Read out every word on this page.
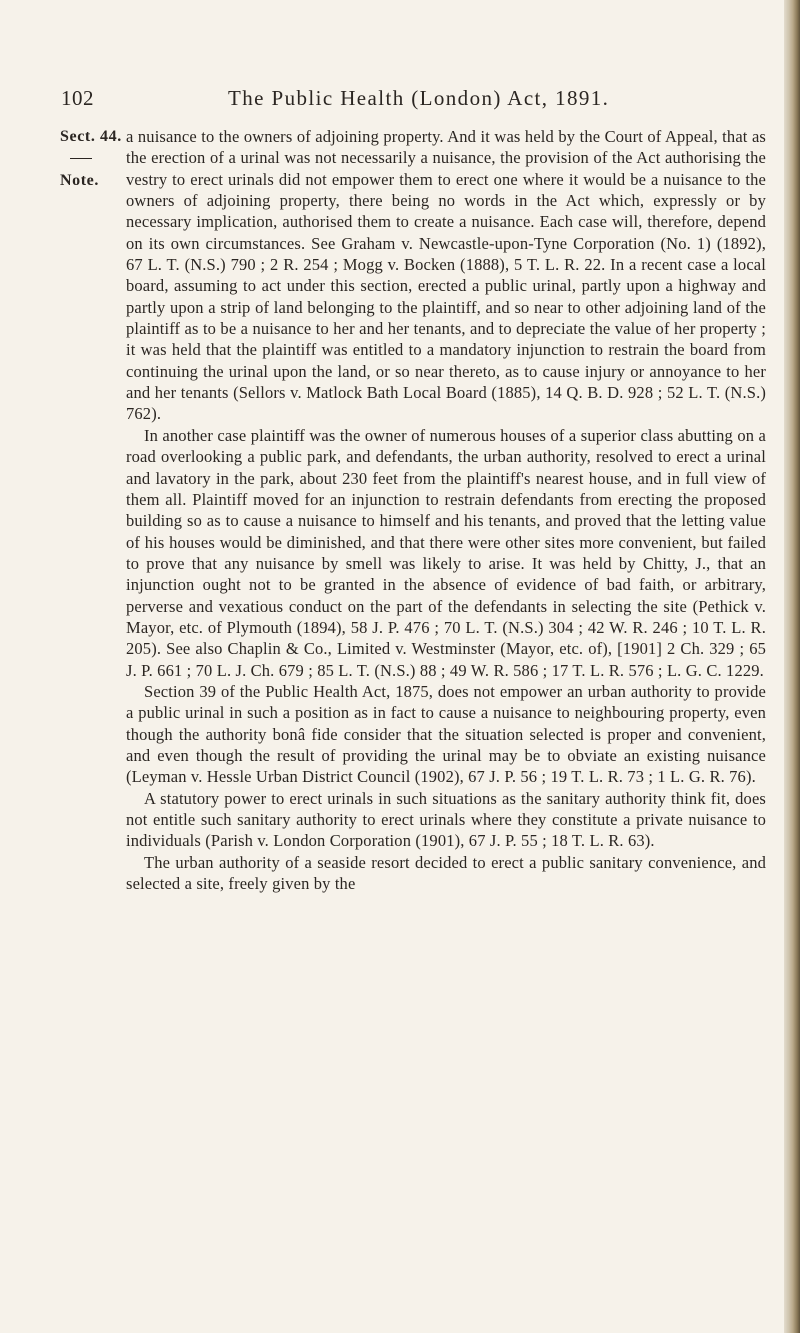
102	The Public Health (London) Act, 1891.
Sect. 44.
Note.

a nuisance to the owners of adjoining property. And it was held by the Court of Appeal, that as the erection of a urinal was not necessarily a nuisance, the provision of the Act authorising the vestry to erect urinals did not empower them to erect one where it would be a nuisance to the owners of adjoining property, there being no words in the Act which, expressly or by necessary implication, authorised them to create a nuisance. Each case will, therefore, depend on its own circumstances. See Graham v. Newcastle-upon-Tyne Corporation (No. 1) (1892), 67 L. T. (N.S.) 790 ; 2 R. 254 ; Mogg v. Bocken (1888), 5 T. L. R. 22. In a recent case a local board, assuming to act under this section, erected a public urinal, partly upon a highway and partly upon a strip of land belonging to the plaintiff, and so near to other adjoining land of the plaintiff as to be a nuisance to her and her tenants, and to depreciate the value of her property ; it was held that the plaintiff was entitled to a mandatory injunction to restrain the board from continuing the urinal upon the land, or so near thereto, as to cause injury or annoyance to her and her tenants (Sellors v. Matlock Bath Local Board (1885), 14 Q. B. D. 928 ; 52 L. T. (N.S.) 762).

In another case plaintiff was the owner of numerous houses of a superior class abutting on a road overlooking a public park, and defendants, the urban authority, resolved to erect a urinal and lavatory in the park, about 230 feet from the plaintiff's nearest house, and in full view of them all. Plaintiff moved for an injunction to restrain defendants from erecting the proposed building so as to cause a nuisance to himself and his tenants, and proved that the letting value of his houses would be diminished, and that there were other sites more convenient, but failed to prove that any nuisance by smell was likely to arise. It was held by Chitty, J., that an injunction ought not to be granted in the absence of evidence of bad faith, or arbitrary, perverse and vexatious conduct on the part of the defendants in selecting the site (Pethick v. Mayor, etc. of Plymouth (1894), 58 J. P. 476 ; 70 L. T. (N.S.) 304 ; 42 W. R. 246 ; 10 T. L. R. 205). See also Chaplin & Co., Limited v. Westminster (Mayor, etc. of), [1901] 2 Ch. 329 ; 65 J. P. 661 ; 70 L. J. Ch. 679 ; 85 L. T. (N.S.) 88 ; 49 W. R. 586 ; 17 T. L. R. 576 ; L. G. C. 1229.

Section 39 of the Public Health Act, 1875, does not empower an urban authority to provide a public urinal in such a position as in fact to cause a nuisance to neighbouring property, even though the authority bonâ fide consider that the situation selected is proper and convenient, and even though the result of providing the urinal may be to obviate an existing nuisance (Leyman v. Hessle Urban District Council (1902), 67 J. P. 56 ; 19 T. L. R. 73 ; 1 L. G. R. 76).

A statutory power to erect urinals in such situations as the sanitary authority think fit, does not entitle such sanitary authority to erect urinals where they constitute a private nuisance to individuals (Parish v. London Corporation (1901), 67 J. P. 55 ; 18 T. L. R. 63).

The urban authority of a seaside resort decided to erect a public sanitary convenience, and selected a site, freely given by the
